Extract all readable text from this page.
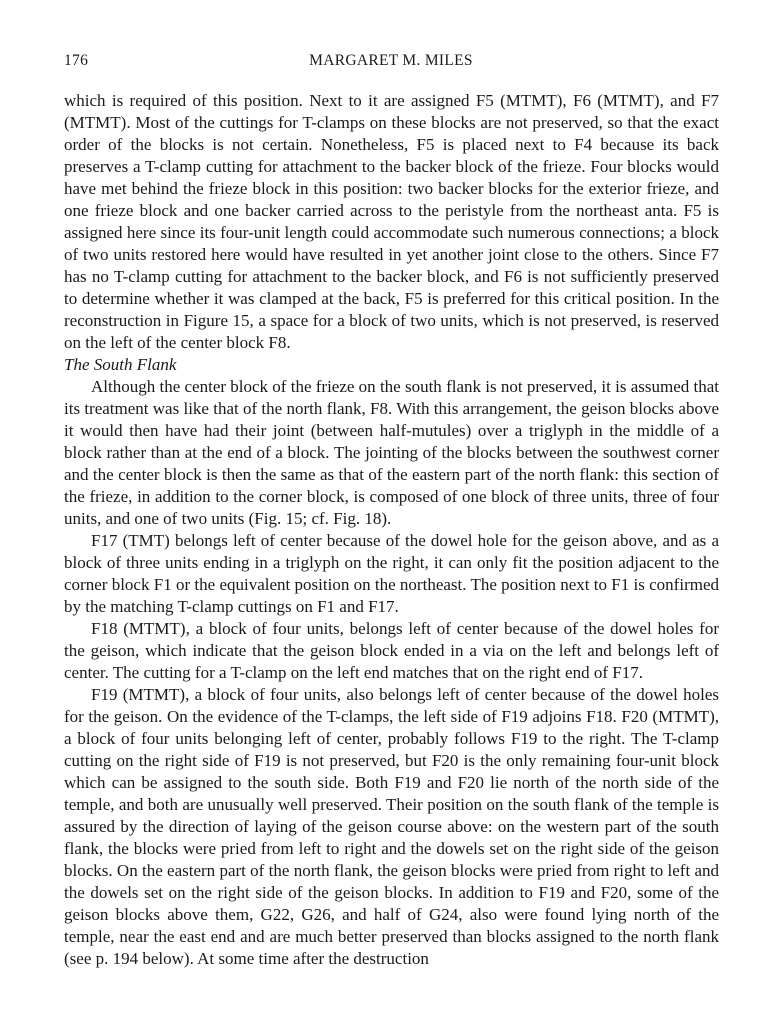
176	MARGARET M. MILES

which is required of this position. Next to it are assigned F5 (MTMT), F6 (MTMT), and F7 (MTMT). Most of the cuttings for T-clamps on these blocks are not preserved, so that the exact order of the blocks is not certain. Nonetheless, F5 is placed next to F4 because its back preserves a T-clamp cutting for attachment to the backer block of the frieze. Four blocks would have met behind the frieze block in this position: two backer blocks for the exterior frieze, and one frieze block and one backer carried across to the peristyle from the northeast anta. F5 is assigned here since its four-unit length could accommodate such numerous connections; a block of two units restored here would have resulted in yet another joint close to the others. Since F7 has no T-clamp cutting for attachment to the backer block, and F6 is not sufficiently preserved to determine whether it was clamped at the back, F5 is preferred for this critical position. In the reconstruction in Figure 15, a space for a block of two units, which is not preserved, is reserved on the left of the center block F8.

The South Flank

Although the center block of the frieze on the south flank is not preserved, it is assumed that its treatment was like that of the north flank, F8. With this arrangement, the geison blocks above it would then have had their joint (between half-mutules) over a triglyph in the middle of a block rather than at the end of a block. The jointing of the blocks between the southwest corner and the center block is then the same as that of the eastern part of the north flank: this section of the frieze, in addition to the corner block, is composed of one block of three units, three of four units, and one of two units (Fig. 15; cf. Fig. 18).

F17 (TMT) belongs left of center because of the dowel hole for the geison above, and as a block of three units ending in a triglyph on the right, it can only fit the position adjacent to the corner block F1 or the equivalent position on the northeast. The position next to F1 is confirmed by the matching T-clamp cuttings on F1 and F17.

F18 (MTMT), a block of four units, belongs left of center because of the dowel holes for the geison, which indicate that the geison block ended in a via on the left and belongs left of center. The cutting for a T-clamp on the left end matches that on the right end of F17.

F19 (MTMT), a block of four units, also belongs left of center because of the dowel holes for the geison. On the evidence of the T-clamps, the left side of F19 adjoins F18. F20 (MTMT), a block of four units belonging left of center, probably follows F19 to the right. The T-clamp cutting on the right side of F19 is not preserved, but F20 is the only remaining four-unit block which can be assigned to the south side. Both F19 and F20 lie north of the north side of the temple, and both are unusually well preserved. Their position on the south flank of the temple is assured by the direction of laying of the geison course above: on the western part of the south flank, the blocks were pried from left to right and the dowels set on the right side of the geison blocks. On the eastern part of the north flank, the geison blocks were pried from right to left and the dowels set on the right side of the geison blocks. In addition to F19 and F20, some of the geison blocks above them, G22, G26, and half of G24, also were found lying north of the temple, near the east end and are much better preserved than blocks assigned to the north flank (see p. 194 below). At some time after the destruction
